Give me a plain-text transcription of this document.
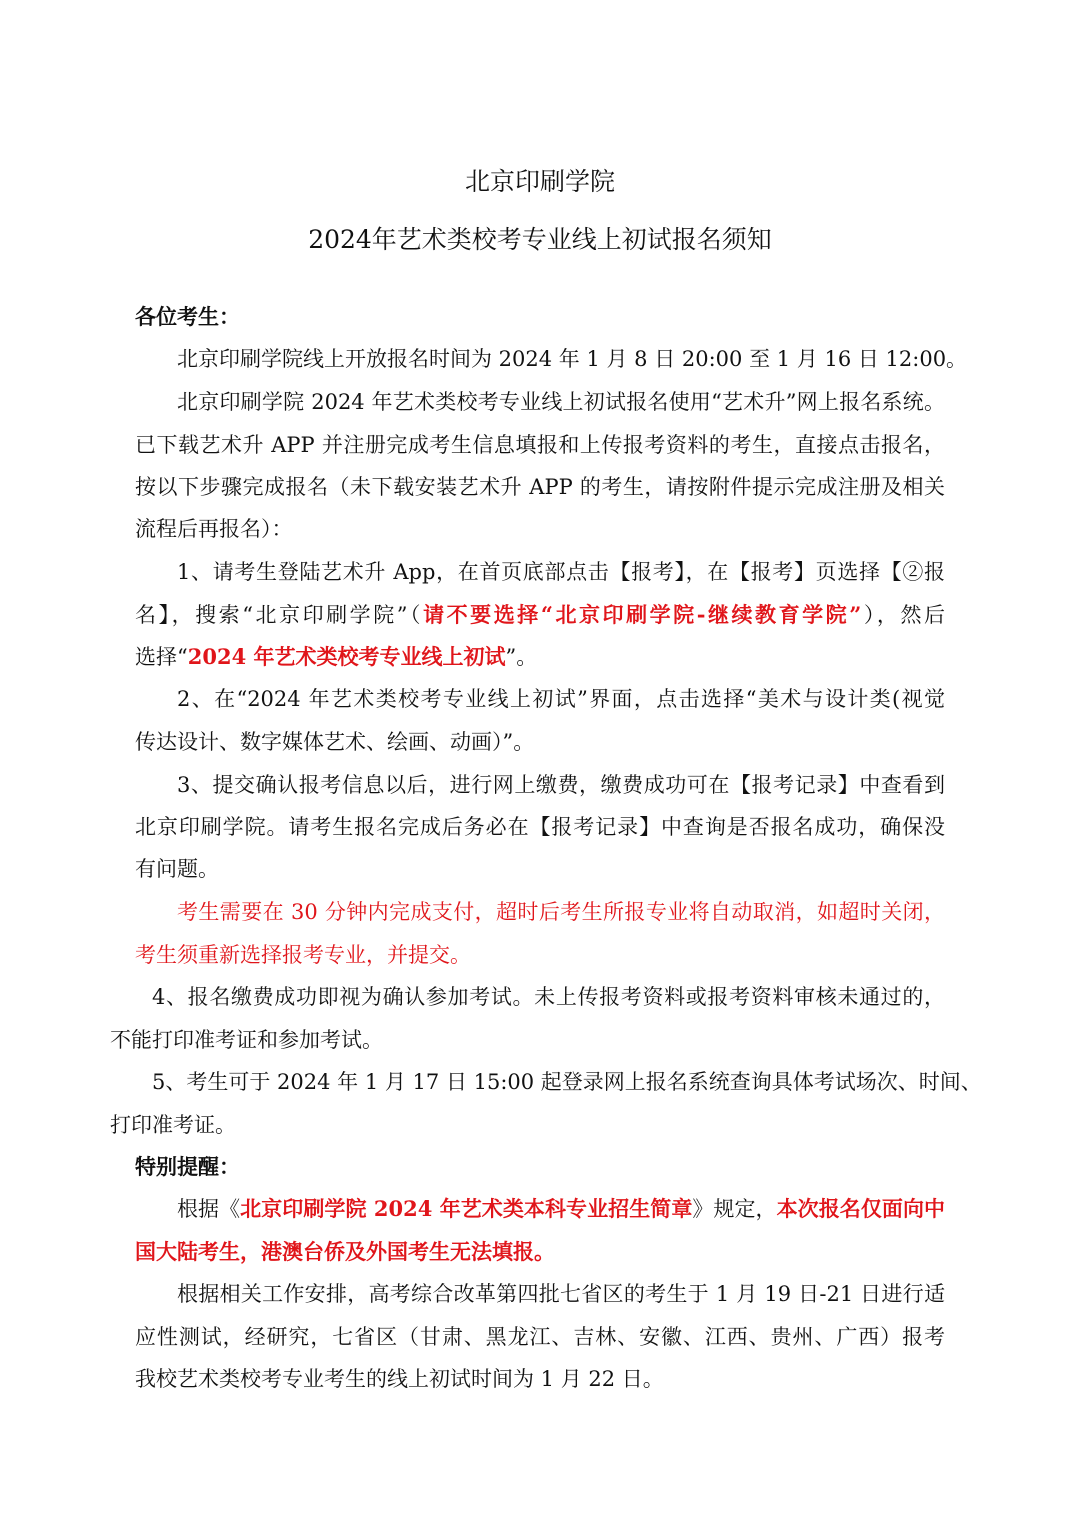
北京印刷学院

2024年艺术类校考专业线上初试报名须知

各位考生：

北京印刷学院线上开放报名时间为 2024 年 1 月 8 日 20:00 至 1 月 16 日 12:00。

北京印刷学院 2024 年艺术类校考专业线上初试报名使用“艺术升”网上报名系统。

已下载艺术升 APP 并注册完成考生信息填报和上传报考资料的考生，直接点击报名，

按以下步骤完成报名（未下载安装艺术升 APP 的考生，请按附件提示完成注册及相关

流程后再报名）：

1、请考生登陆艺术升 App，在首页底部点击【报考】，在【报考】页选择【②报

名】，搜索“北京印刷学院”（请不要选择“北京印刷学院-继续教育学院”），然后

选择“2024 年艺术类校考专业线上初试”。

2、在“2024 年艺术类校考专业线上初试”界面，点击选择“美术与设计类(视觉

传达设计、数字媒体艺术、绘画、动画）”。

3、提交确认报考信息以后，进行网上缴费，缴费成功可在【报考记录】中查看到

北京印刷学院。请考生报名完成后务必在【报考记录】中查询是否报名成功，确保没

有问题。

考生需要在 30 分钟内完成支付，超时后考生所报专业将自动取消，如超时关闭，

考生须重新选择报考专业，并提交。

4、报名缴费成功即视为确认参加考试。未上传报考资料或报考资料审核未通过的，

不能打印准考证和参加考试。

5、考生可于 2024 年 1 月 17 日 15:00 起登录网上报名系统查询具体考试场次、时间、

打印准考证。

特别提醒：

根据《北京印刷学院 2024 年艺术类本科专业招生简章》规定，本次报名仅面向中

国大陆考生，港澳台侨及外国考生无法填报。

根据相关工作安排，高考综合改革第四批七省区的考生于 1 月 19 日-21 日进行适

应性测试，经研究，七省区（甘肃、黑龙江、吉林、安徽、江西、贵州、广西）报考

我校艺术类校考专业考生的线上初试时间为 1 月 22 日。
